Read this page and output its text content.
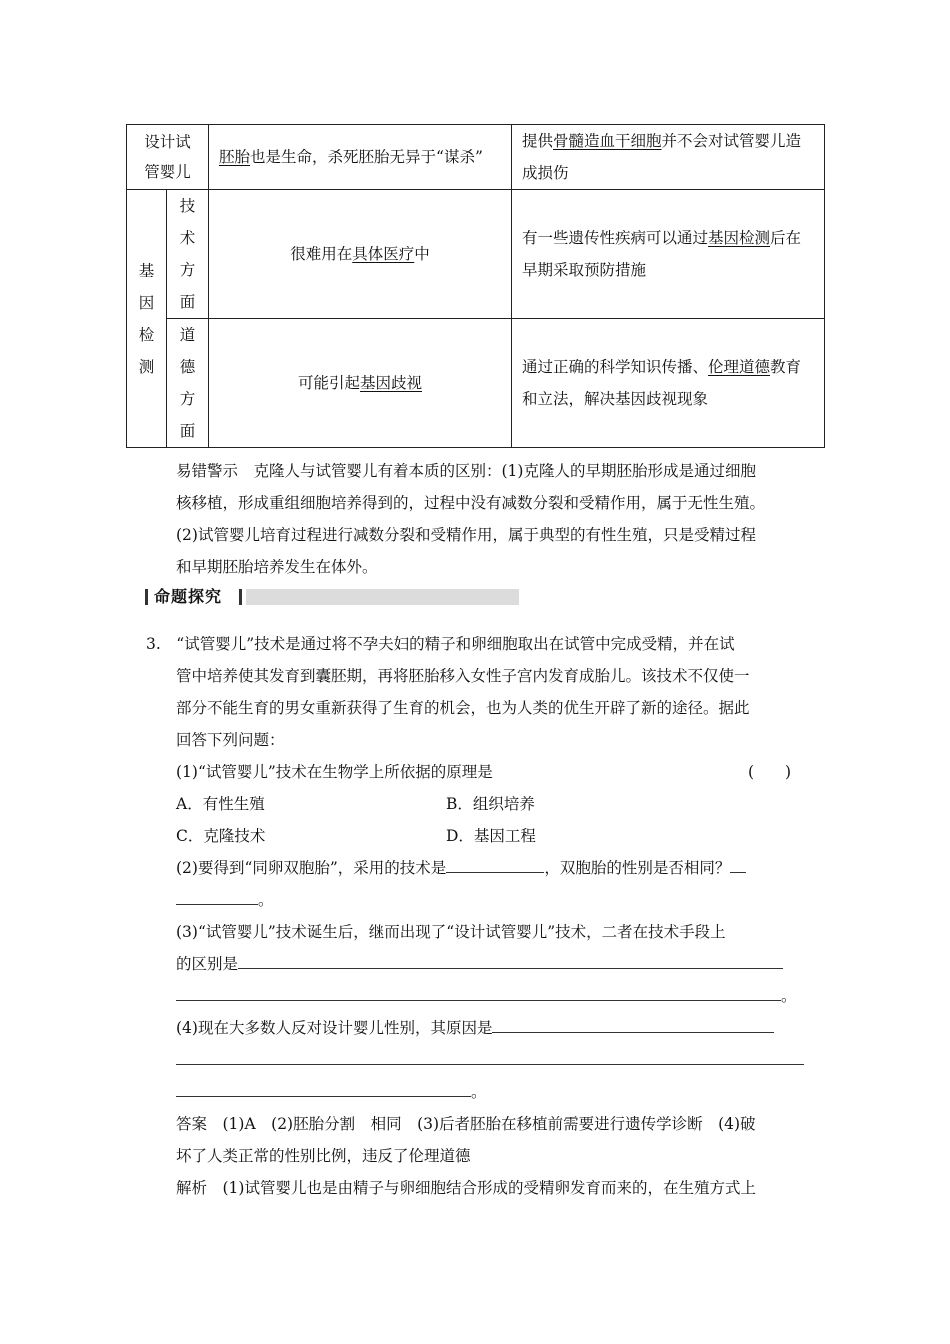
设计试管婴儿		胚胎也是生命，杀死胚胎无异于“谋杀”	提供骨髓造血干细胞并不会对试管婴儿造成损伤

基因检测	技术方面	很难用在具体医疗中	有一些遗传性疾病可以通过基因检测后在早期采取预防措施

	道德方面	可能引起基因歧视	通过正确的科学知识传播、伦理道德教育和立法，解决基因歧视现象
易错警示　克隆人与试管婴儿有着本质的区别：(1)克隆人的早期胚胎形成是通过细胞
核移植，形成重组细胞培养得到的，过程中没有减数分裂和受精作用，属于无性生殖。
(2)试管婴儿培育过程进行减数分裂和受精作用，属于典型的有性生殖，只是受精过程
和早期胚胎培养发生在体外。
命题探究
3.　“试管婴儿”技术是通过将不孕夫妇的精子和卵细胞取出在试管中完成受精，并在试
管中培养使其发育到囊胚期，再将胚胎移入女性子宫内发育成胎儿。该技术不仅使一
部分不能生育的男女重新获得了生育的机会，也为人类的优生开辟了新的途径。据此
回答下列问题：
(1)“试管婴儿”技术在生物学上所依据的原理是	(　　)
A．有性生殖	B．组织培养
C．克隆技术	D．基因工程
(2)要得到“同卵双胞胎”，采用的技术是	，双胞胎的性别是否相同？
。
(3)“试管婴儿”技术诞生后，继而出现了“设计试管婴儿”技术，二者在技术手段上
的区别是
。
(4)现在大多数人反对设计婴儿性别，其原因是
。
答案　(1)A　(2)胚胎分割　相同　(3)后者胚胎在移植前需要进行遗传学诊断　(4)破
坏了人类正常的性别比例，违反了伦理道德
解析　(1)试管婴儿也是由精子与卵细胞结合形成的受精卵发育而来的，在生殖方式上
